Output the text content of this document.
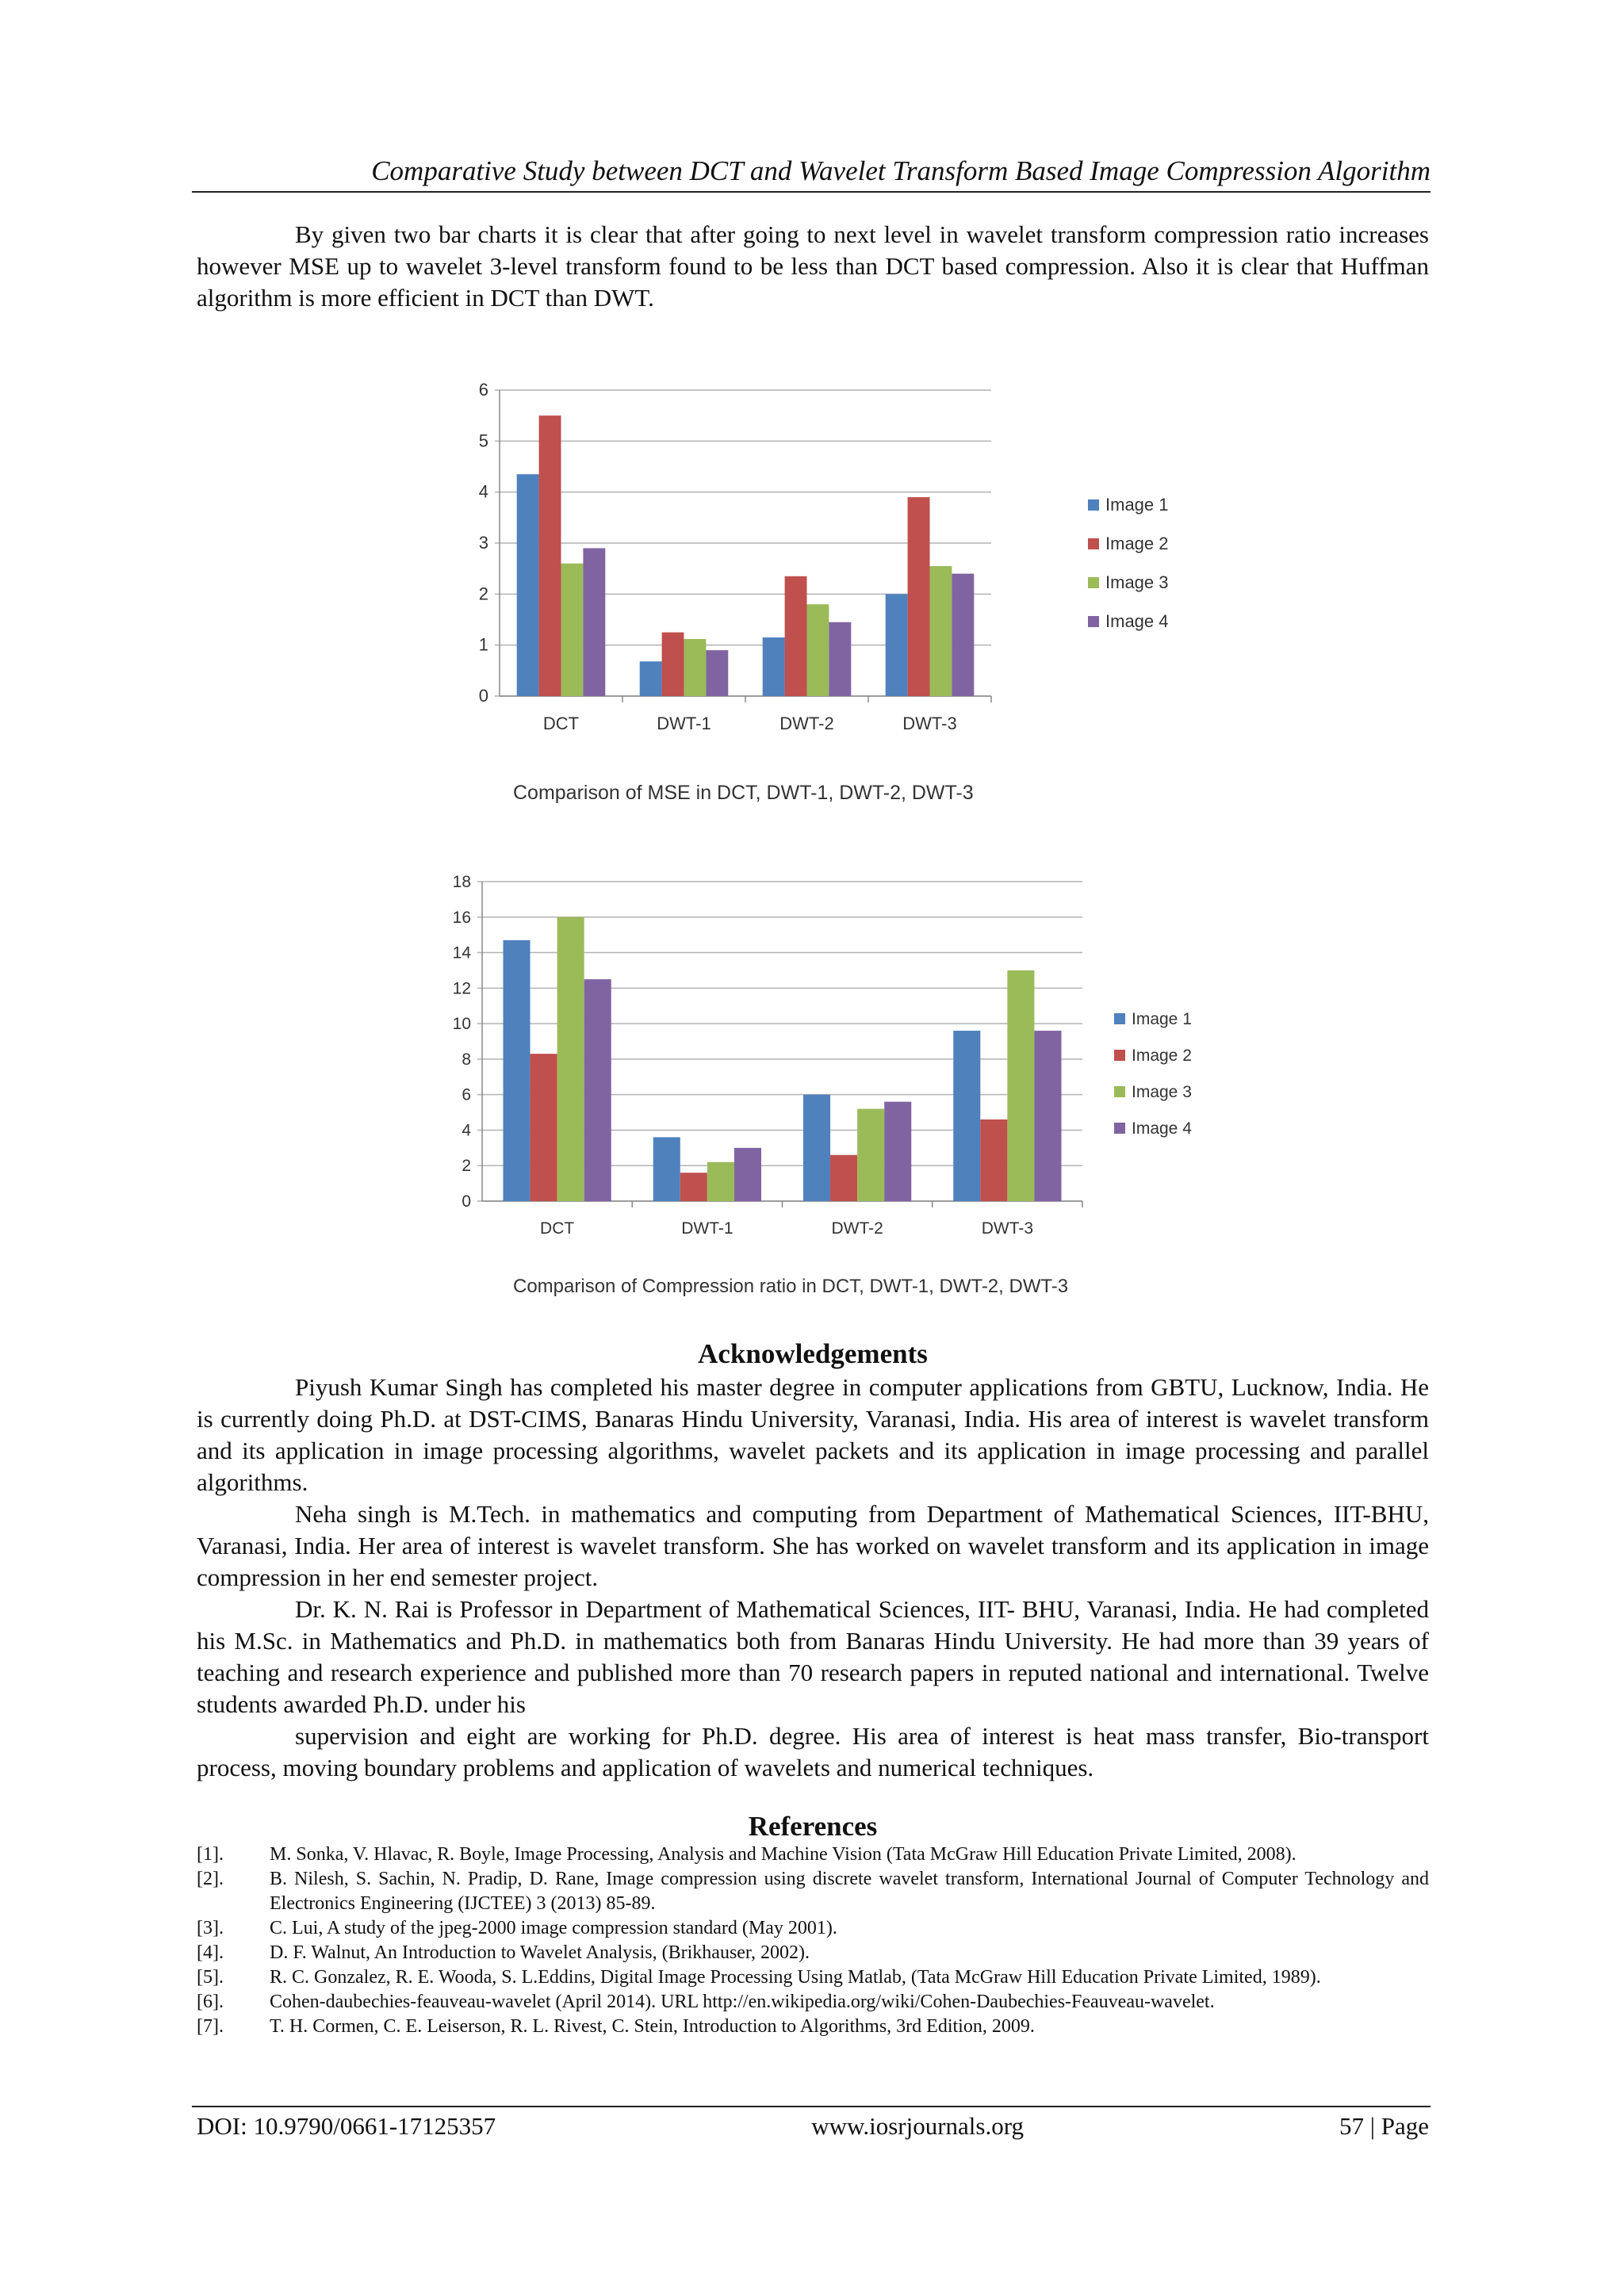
Comparative Study between DCT and Wavelet Transform Based Image Compression Algorithm

By given two bar charts it is clear that after going to next level in wavelet transform compression ratio increases however MSE up to wavelet 3-level transform found to be less than DCT based compression. Also it is clear that Huffman algorithm is more efficient in DCT than DWT.

0
1
2
3
4
5
6
DCT	DWT-1	DWT-2	DWT-3
Image 1
Image 2
Image 3
Image 4
Comparison of MSE in DCT, DWT-1, DWT-2, DWT-3
0
2
4
6
8
10
12
14
16
18
DCT	DWT-1	DWT-2	DWT-3
Image 1
Image 2
Image 3
Image 4
Comparison of Compression ratio in DCT, DWT-1, DWT-2, DWT-3
Acknowledgements

Piyush Kumar Singh has completed his master degree in computer applications from GBTU, Lucknow, India. He is currently doing Ph.D. at DST-CIMS, Banaras Hindu University, Varanasi, India. His area of interest is wavelet transform and its application in image processing algorithms, wavelet packets and its application in image processing and parallel algorithms.

Neha singh is M.Tech. in mathematics and computing from Department of Mathematical Sciences, IIT-BHU, Varanasi, India. Her area of interest is wavelet transform. She has worked on wavelet transform and its application in image compression in her end semester project.

Dr. K. N. Rai is Professor in Department of Mathematical Sciences, IIT- BHU, Varanasi, India. He had completed his M.Sc. in Mathematics and Ph.D. in mathematics both from Banaras Hindu University. He had more than 39 years of teaching and research experience and published more than 70 research papers in reputed national and international. Twelve students awarded Ph.D. under his

supervision and eight are working for Ph.D. degree. His area of interest is heat mass transfer, Bio-transport process, moving boundary problems and application of wavelets and numerical techniques.

References
[1].	M. Sonka, V. Hlavac, R. Boyle, Image Processing, Analysis and Machine Vision (Tata McGraw Hill Education Private Limited, 2008).
[2].	B. Nilesh, S. Sachin, N. Pradip, D. Rane, Image compression using discrete wavelet transform, International Journal of Computer Technology and Electronics Engineering (IJCTEE) 3 (2013) 85-89.
[3].	C. Lui, A study of the jpeg-2000 image compression standard (May 2001).
[4].	D. F. Walnut, An Introduction to Wavelet Analysis, (Brikhauser, 2002).
[5].	R. C. Gonzalez, R. E. Wooda, S. L.Eddins, Digital Image Processing Using Matlab, (Tata McGraw Hill Education Private Limited, 1989).
[6].	Cohen-daubechies-feauveau-wavelet (April 2014). URL http://en.wikipedia.org/wiki/Cohen-Daubechies-Feauveau-wavelet.
[7].	T. H. Cormen, C. E. Leiserson, R. L. Rivest, C. Stein, Introduction to Algorithms, 3rd Edition, 2009.
DOI: 10.9790/0661-17125357	www.iosrjournals.org	57 | Page
